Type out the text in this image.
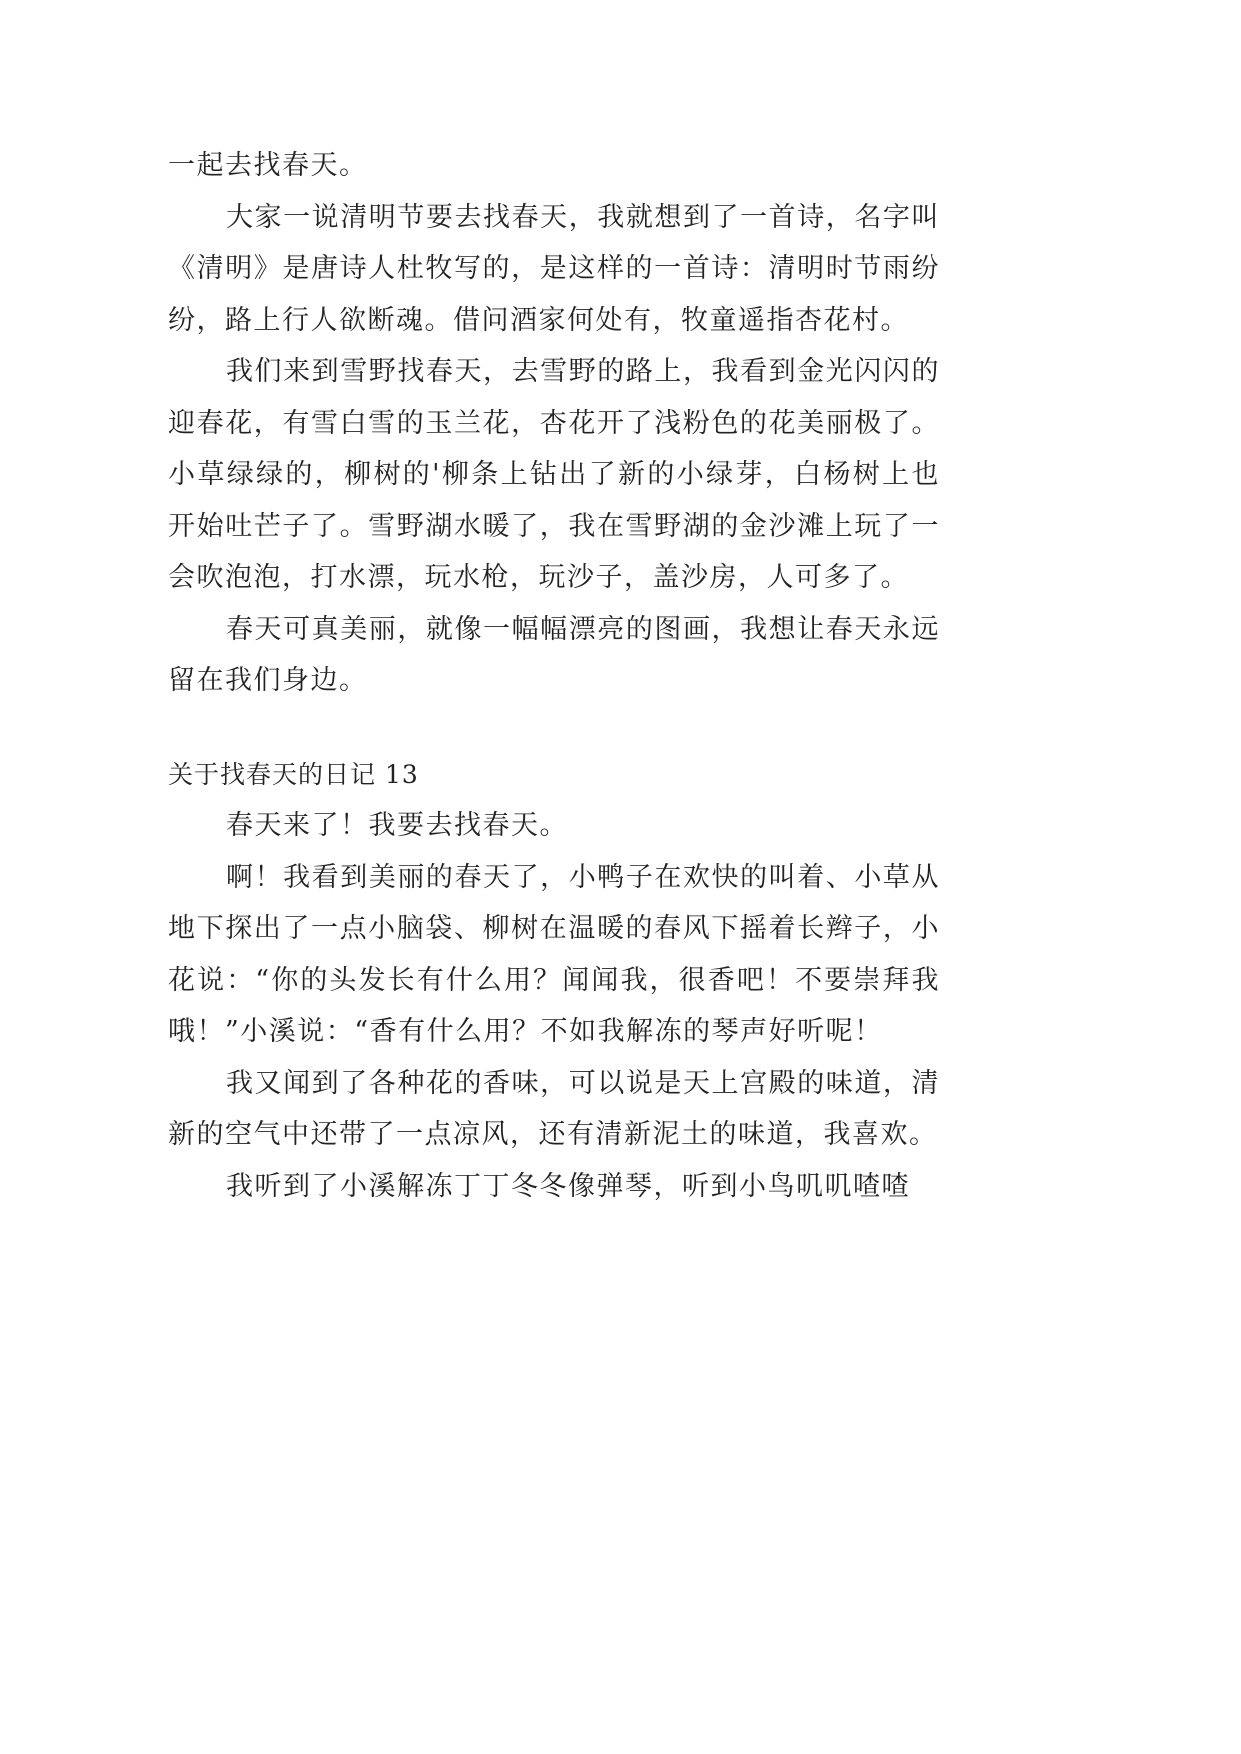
一起去找春天。

大家一说清明节要去找春天，我就想到了一首诗，名字叫《清明》是唐诗人杜牧写的，是这样的一首诗：清明时节雨纷纷，路上行人欲断魂。借问酒家何处有，牧童遥指杏花村。

我们来到雪野找春天，去雪野的路上，我看到金光闪闪的迎春花，有雪白雪的玉兰花，杏花开了浅粉色的花美丽极了。小草绿绿的，柳树的'柳条上钻出了新的小绿芽，白杨树上也开始吐芒子了。雪野湖水暖了，我在雪野湖的金沙滩上玩了一会吹泡泡，打水漂，玩水枪，玩沙子，盖沙房，人可多了。

春天可真美丽，就像一幅幅漂亮的图画，我想让春天永远留在我们身边。

关于找春天的日记 13

春天来了！我要去找春天。

啊！我看到美丽的春天了，小鸭子在欢快的叫着、小草从地下探出了一点小脑袋、柳树在温暖的春风下摇着长辫子，小花说：“你的头发长有什么用？闻闻我，很香吧！不要崇拜我哦！”小溪说：“香有什么用？不如我解冻的琴声好听呢！

我又闻到了各种花的香味，可以说是天上宫殿的味道，清新的空气中还带了一点凉风，还有清新泥土的味道，我喜欢。

我听到了小溪解冻丁丁冬冬像弹琴，听到小鸟叽叽喳喳
